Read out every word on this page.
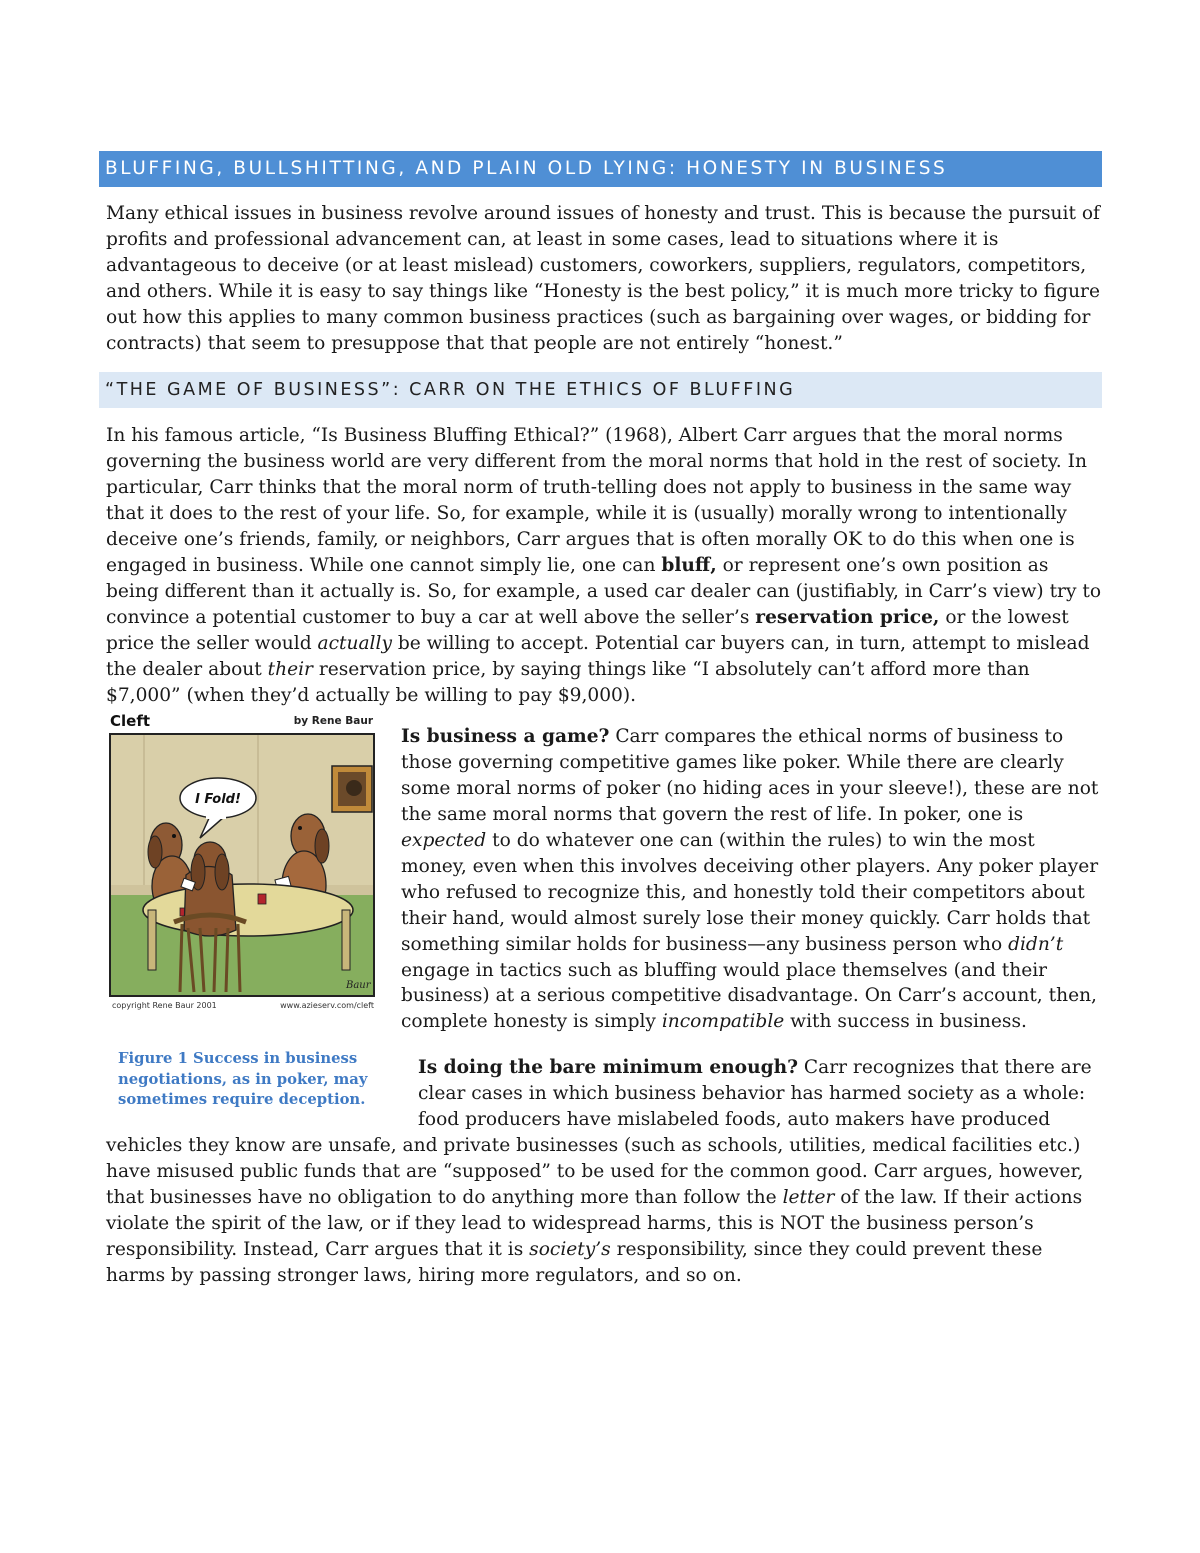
BLUFFING, BULLSHITTING, AND PLAIN OLD LYING: HONESTY IN BUSINESS

Many ethical issues in business revolve around issues of honesty and trust. This is because the pursuit of profits and professional advancement can, at least in some cases, lead to situations where it is advantageous to deceive (or at least mislead) customers, coworkers, suppliers, regulators, competitors, and others. While it is easy to say things like “Honesty is the best policy,” it is much more tricky to figure out how this applies to many common business practices (such as bargaining over wages, or bidding for contracts) that seem to presuppose that that people are not entirely “honest.”

“THE GAME OF BUSINESS”: CARR ON THE ETHICS OF BLUFFING

In his famous article, “Is Business Bluffing Ethical?” (1968), Albert Carr argues that the moral norms governing the business world are very different from the moral norms that hold in the rest of society. In particular, Carr thinks that the moral norm of truth-telling does not apply to business in the same way that it does to the rest of your life. So, for example, while it is (usually) morally wrong to intentionally deceive one’s friends, family, or neighbors, Carr argues that is often morally OK to do this when one is engaged in business. While one cannot simply lie, one can bluff, or represent one’s own position as being different than it actually is. So, for example, a used car dealer can (justifiably, in Carr’s view) try to convince a potential customer to buy a car at well above the seller’s reservation price, or the lowest price the seller would actually be willing to accept. Potential car buyers can, in turn, attempt to mislead the dealer about their reservation price, by saying things like “I absolutely can’t afford more than $7,000” (when they’d actually be willing to pay $9,000).

Cleft	by Rene Baur
I Fold!
Baur
copyright Rene Baur 2001	www.azieserv.com/cleft

Is business a game? Carr compares the ethical norms of business to those governing competitive games like poker. While there are clearly some moral norms of poker (no hiding aces in your sleeve!), these are not the same moral norms that govern the rest of life. In poker, one is expected to do whatever one can (within the rules) to win the most money, even when this involves deceiving other players. Any poker player who refused to recognize this, and honestly told their competitors about their hand, would almost surely lose their money quickly. Carr holds that something similar holds for business—any business person who didn’t engage in tactics such as bluffing would place themselves (and their business) at a serious competitive disadvantage. On Carr’s account, then, complete honesty is simply incompatible with success in business.

Figure 1 Success in business negotiations, as in poker, may sometimes require deception.

Is doing the bare minimum enough? Carr recognizes that there are clear cases in which business behavior has harmed society as a whole: food producers have mislabeled foods, auto makers have produced vehicles they know are unsafe, and private businesses (such as schools, utilities, medical facilities etc.) have misused public funds that are “supposed” to be used for the common good. Carr argues, however, that businesses have no obligation to do anything more than follow the letter of the law. If their actions violate the spirit of the law, or if they lead to widespread harms, this is NOT the business person’s responsibility. Instead, Carr argues that it is society’s responsibility, since they could prevent these harms by passing stronger laws, hiring more regulators, and so on.
